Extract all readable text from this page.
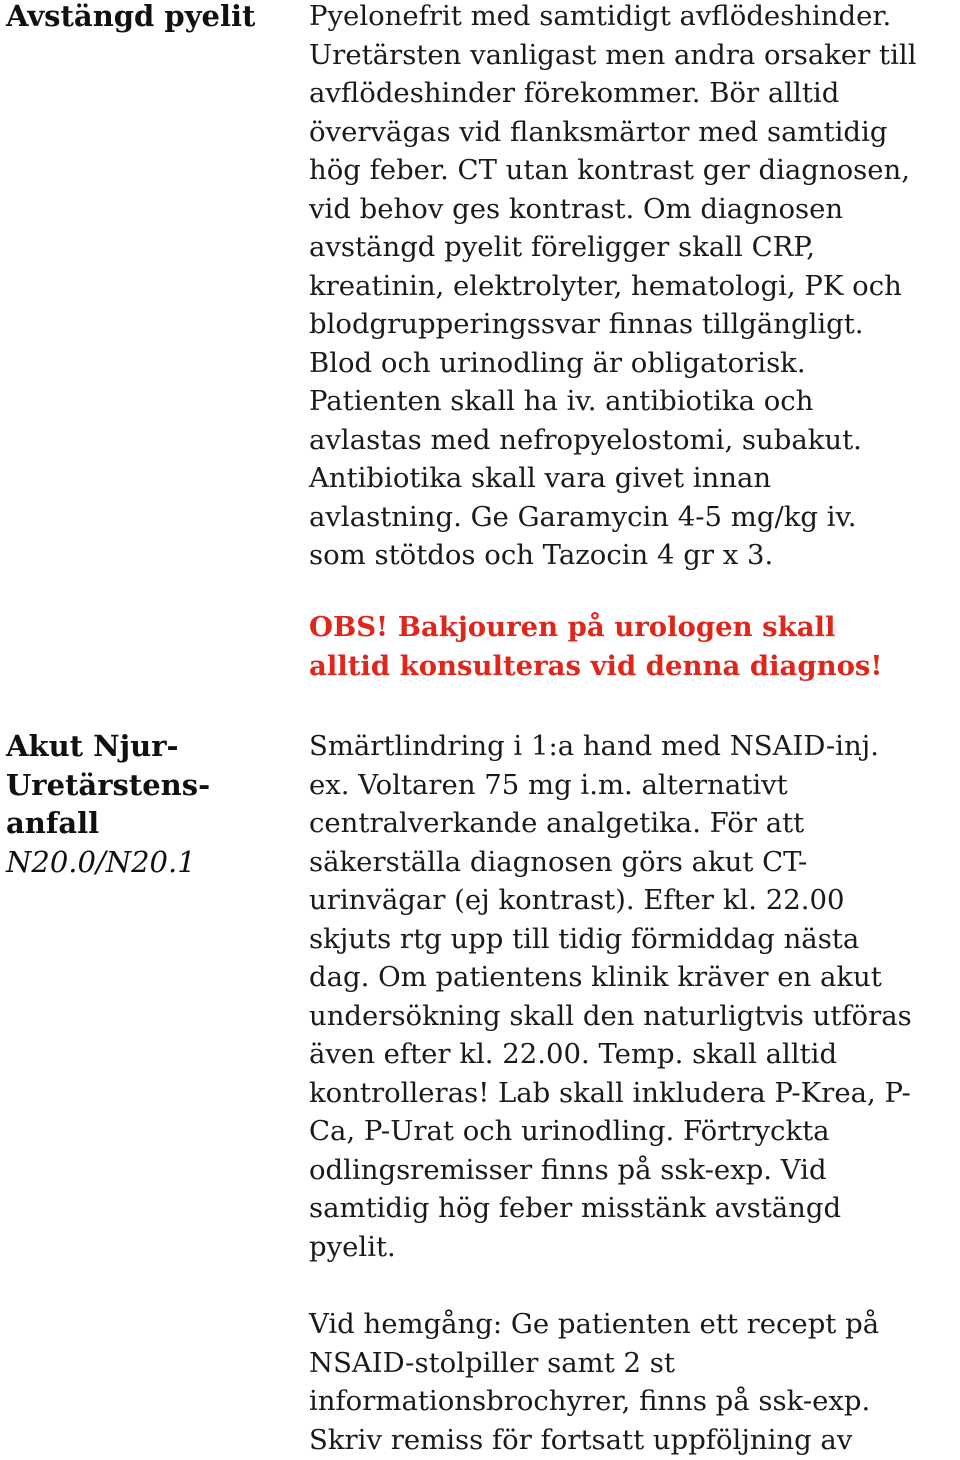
Avstängd pyelit	Pyelonefrit med samtidigt avflödeshinder.
Uretärsten vanligast men andra orsaker till
avflödeshinder förekommer. Bör alltid
övervägas vid flanksmärtor med samtidig
hög feber. CT utan kontrast ger diagnosen,
vid behov ges kontrast. Om diagnosen
avstängd pyelit föreligger skall CRP,
kreatinin, elektrolyter, hematologi, PK och
blodgrupperingssvar finnas tillgängligt.
Blod och urinodling är obligatorisk.
Patienten skall ha iv. antibiotika och
avlastas med nefropyelostomi, subakut.
Antibiotika skall vara givet innan
avlastning. Ge Garamycin 4-5 mg/kg iv.
som stötdos och Tazocin 4 gr x 3.
OBS! Bakjouren på urologen skall
alltid konsulteras vid denna diagnos!
Akut Njur-
Uretärstens-
anfall
N20.0/N20.1
Smärtlindring i 1:a hand med NSAID-inj.
ex. Voltaren 75 mg i.m. alternativt
centralverkande analgetika. För att
säkerställa diagnosen görs akut CT-
urinvägar (ej kontrast). Efter kl. 22.00
skjuts rtg upp till tidig förmiddag nästa
dag. Om patientens klinik kräver en akut
undersökning skall den naturligtvis utföras
även efter kl. 22.00. Temp. skall alltid
kontrolleras! Lab skall inkludera P-Krea, P-
Ca, P-Urat och urinodling. Förtryckta
odlingsremisser finns på ssk-exp. Vid
samtidig hög feber misstänk avstängd
pyelit.
Vid hemgång: Ge patienten ett recept på
NSAID-stolpiller samt 2 st
informationsbrochyrer, finns på ssk-exp.
Skriv remiss för fortsatt uppföljning av
